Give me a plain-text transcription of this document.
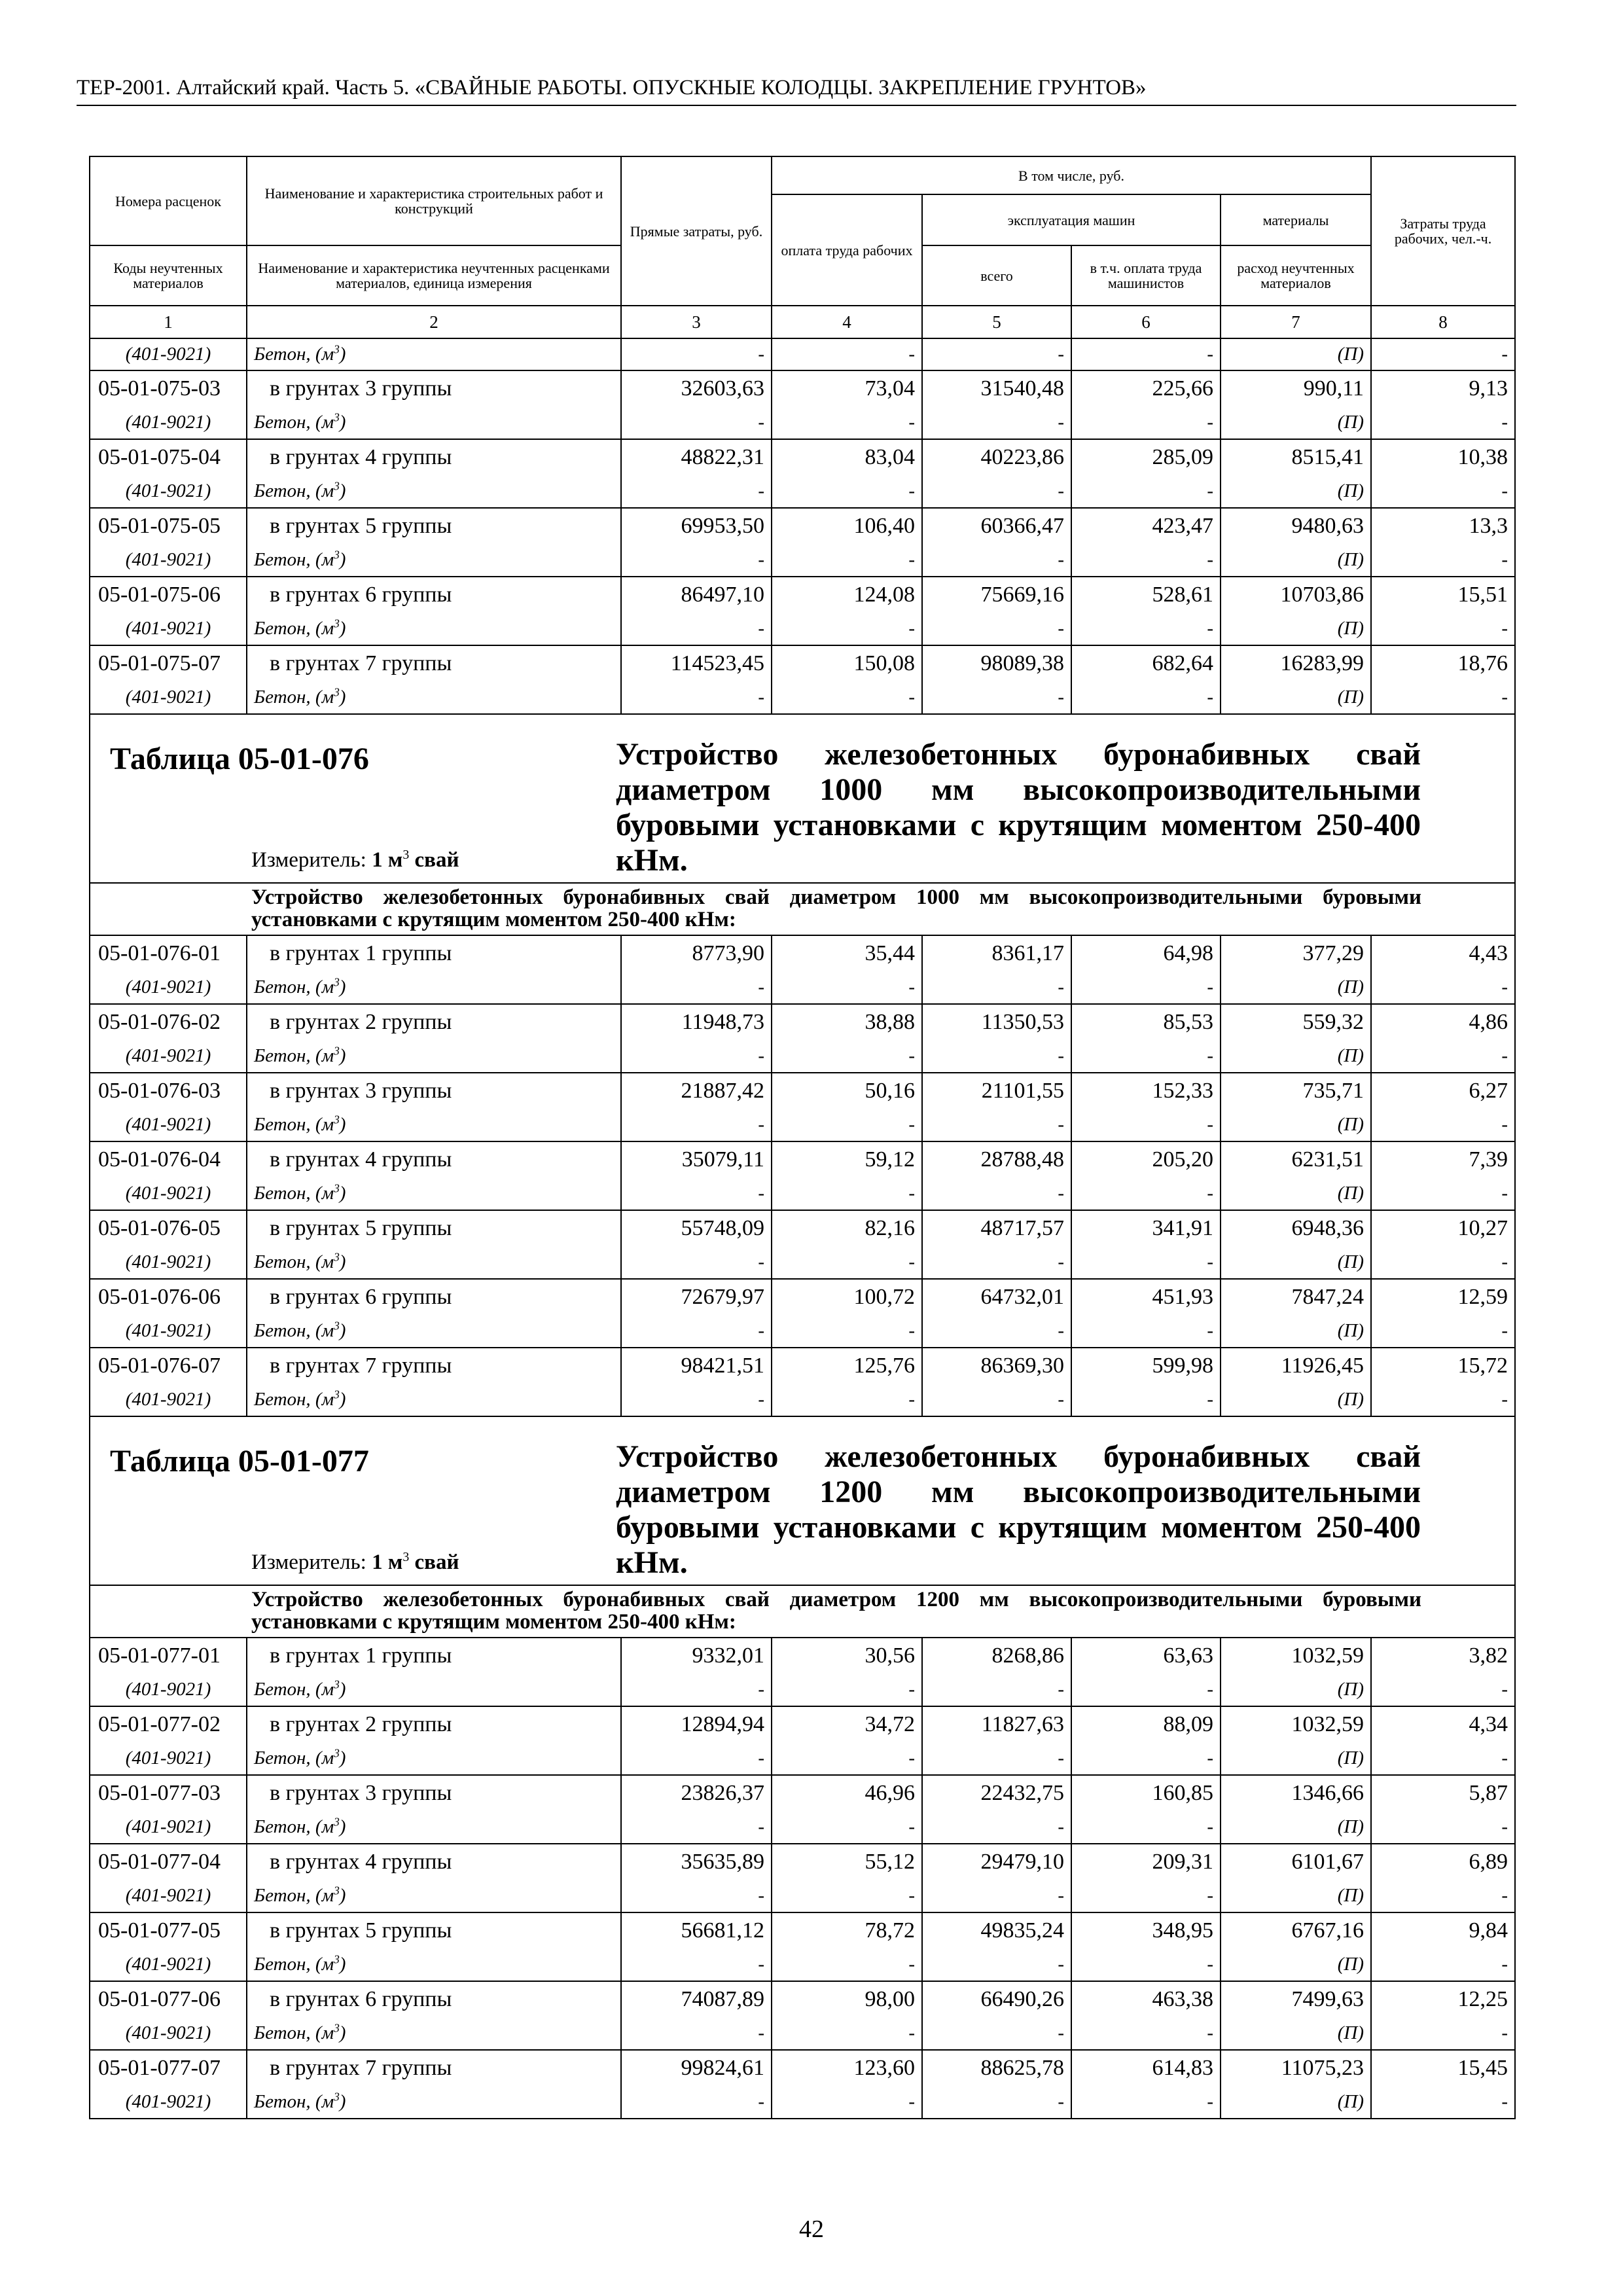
ТЕР-2001. Алтайский край. Часть 5. «СВАЙНЫЕ РАБОТЫ. ОПУСКНЫЕ КОЛОДЦЫ. ЗАКРЕПЛЕНИЕ ГРУНТОВ»
Номера расценок	Наименование и характеристика строительных работ и конструкций	Прямые затраты, руб.	В том числе, руб.				Затраты труда рабочих, чел.-ч.
			оплата труда рабочих	эксплуатация машин		материалы	
Коды неучтенных материалов	Наименование и характеристика неучтенных расценками материалов, единица измерения			всего	в т.ч. оплата труда машинистов	расход неучтенных материалов	
1	2	3	4	5	6	7	8
(401-9021)	Бетон, $(м^3)$	-	-	-	-	(П)	-
05-01-075-03	в грунтах 3 группы	32603,63	73,04	31540,48	225,66	990,11	9,13
(401-9021)	Бетон, $(м^3)$	-	-	-	-	(П)	-
05-01-075-04	в грунтах 4 группы	48822,31	83,04	40223,86	285,09	8515,41	10,38
(401-9021)	Бетон, $(м^3)$	-	-	-	-	(П)	-
05-01-075-05	в грунтах 5 группы	69953,50	106,40	60366,47	423,47	9480,63	13,3
(401-9021)	Бетон, $(м^3)$	-	-	-	-	(П)	-
05-01-075-06	в грунтах 6 группы	86497,10	124,08	75669,16	528,61	10703,86	15,51
(401-9021)	Бетон, $(м^3)$	-	-	-	-	(П)	-
05-01-075-07	в грунтах 7 группы	114523,45	150,08	98089,38	682,64	16283,99	18,76
(401-9021)	Бетон, $(м^3)$	-	-	-	-	(П)	-

Таблица 05-01-076 Устройство железобетонных буронабивных свай диаметром 1000 мм высокопроизводительными буровыми установками с крутящим моментом 250-400 кНм.
Измеритель: 1 $м^3$ свай							

Устройство железобетонных буронабивных свай диаметром 1000 мм высокопроизводительными буровыми установками с крутящим моментом 250-400 кНм:							
05-01-076-01	в грунтах 1 группы	8773,90	35,44	8361,17	64,98	377,29	4,43
(401-9021)	Бетон, $(м^3)$	-	-	-	-	(П)	-
05-01-076-02	в грунтах 2 группы	11948,73	38,88	11350,53	85,53	559,32	4,86
(401-9021)	Бетон, $(м^3)$	-	-	-	-	(П)	-
05-01-076-03	в грунтах 3 группы	21887,42	50,16	21101,55	152,33	735,71	6,27
(401-9021)	Бетон, $(м^3)$	-	-	-	-	(П)	-
05-01-076-04	в грунтах 4 группы	35079,11	59,12	28788,48	205,20	6231,51	7,39
(401-9021)	Бетон, $(м^3)$	-	-	-	-	(П)	-
05-01-076-05	в грунтах 5 группы	55748,09	82,16	48717,57	341,91	6948,36	10,27
(401-9021)	Бетон, $(м^3)$	-	-	-	-	(П)	-
05-01-076-06	в грунтах 6 группы	72679,97	100,72	64732,01	451,93	7847,24	12,59
(401-9021)	Бетон, $(м^3)$	-	-	-	-	(П)	-
05-01-076-07	в грунтах 7 группы	98421,51	125,76	86369,30	599,98	11926,45	15,72
(401-9021)	Бетон, $(м^3)$	-	-	-	-	(П)	-

Таблица 05-01-077 Устройство железобетонных буронабивных свай диаметром 1200 мм высокопроизводительными буровыми установками с крутящим моментом 250-400 кНм.
Измеритель: 1 $м^3$ свай							

Устройство железобетонных буронабивных свай диаметром 1200 мм высокопроизводительными буровыми установками с крутящим моментом 250-400 кНм:							
05-01-077-01	в грунтах 1 группы	9332,01	30,56	8268,86	63,63	1032,59	3,82
(401-9021)	Бетон, $(м^3)$	-	-	-	-	(П)	-
05-01-077-02	в грунтах 2 группы	12894,94	34,72	11827,63	88,09	1032,59	4,34
(401-9021)	Бетон, $(м^3)$	-	-	-	-	(П)	-
05-01-077-03	в грунтах 3 группы	23826,37	46,96	22432,75	160,85	1346,66	5,87
(401-9021)	Бетон, $(м^3)$	-	-	-	-	(П)	-
05-01-077-04	в грунтах 4 группы	35635,89	55,12	29479,10	209,31	6101,67	6,89
(401-9021)	Бетон, $(м^3)$	-	-	-	-	(П)	-
05-01-077-05	в грунтах 5 группы	56681,12	78,72	49835,24	348,95	6767,16	9,84
(401-9021)	Бетон, $(м^3)$	-	-	-	-	(П)	-
05-01-077-06	в грунтах 6 группы	74087,89	98,00	66490,26	463,38	7499,63	12,25
(401-9021)	Бетон, $(м^3)$	-	-	-	-	(П)	-
05-01-077-07	в грунтах 7 группы	99824,61	123,60	88625,78	614,83	11075,23	15,45
(401-9021)	Бетон, $(м^3)$	-	-	-	-	(П)	-
42
